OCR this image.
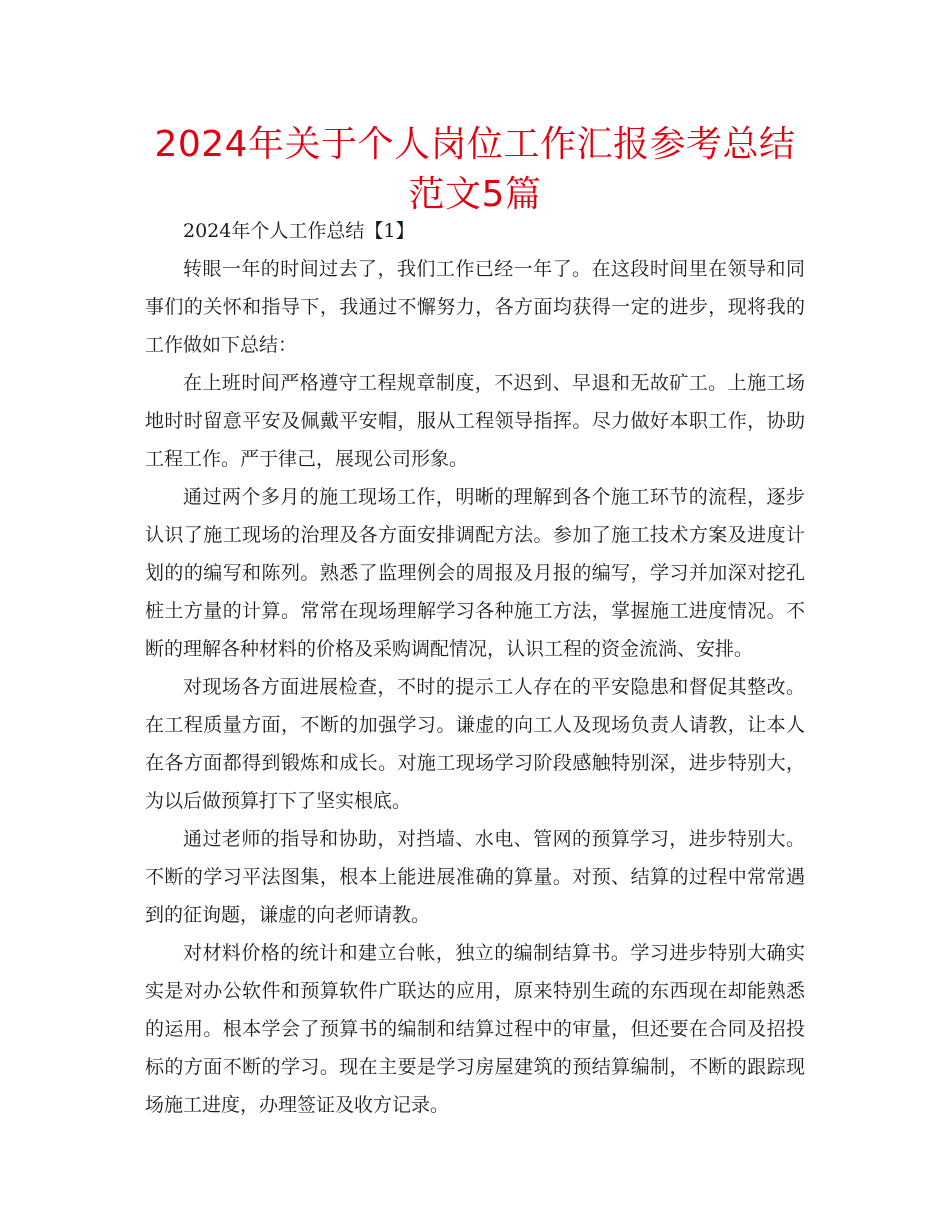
2024年关于个人岗位工作汇报参考总结范文5篇

2024年个人工作总结【1】

转眼一年的时间过去了，我们工作已经一年了。在这段时间里在领导和同事们的关怀和指导下，我通过不懈努力，各方面均获得一定的进步，现将我的工作做如下总结：

在上班时间严格遵守工程规章制度，不迟到、早退和无故矿工。上施工场地时时留意平安及佩戴平安帽，服从工程领导指挥。尽力做好本职工作，协助工程工作。严于律己，展现公司形象。

通过两个多月的施工现场工作，明晰的理解到各个施工环节的流程，逐步认识了施工现场的治理及各方面安排调配方法。参加了施工技术方案及进度计划的的编写和陈列。熟悉了监理例会的周报及月报的编写，学习并加深对挖孔桩土方量的计算。常常在现场理解学习各种施工方法，掌握施工进度情况。不断的理解各种材料的价格及采购调配情况，认识工程的资金流淌、安排。

对现场各方面进展检查，不时的提示工人存在的平安隐患和督促其整改。在工程质量方面，不断的加强学习。谦虚的向工人及现场负责人请教，让本人在各方面都得到锻炼和成长。对施工现场学习阶段感触特别深，进步特别大，为以后做预算打下了坚实根底。

通过老师的指导和协助，对挡墙、水电、管网的预算学习，进步特别大。不断的学习平法图集，根本上能进展准确的算量。对预、结算的过程中常常遇到的征询题，谦虚的向老师请教。

对材料价格的统计和建立台帐，独立的编制结算书。学习进步特别大确实实是对办公软件和预算软件广联达的应用，原来特别生疏的东西现在却能熟悉的运用。根本学会了预算书的编制和结算过程中的审量，但还要在合同及招投标的方面不断的学习。现在主要是学习房屋建筑的预结算编制，不断的跟踪现场施工进度，办理签证及收方记录。
